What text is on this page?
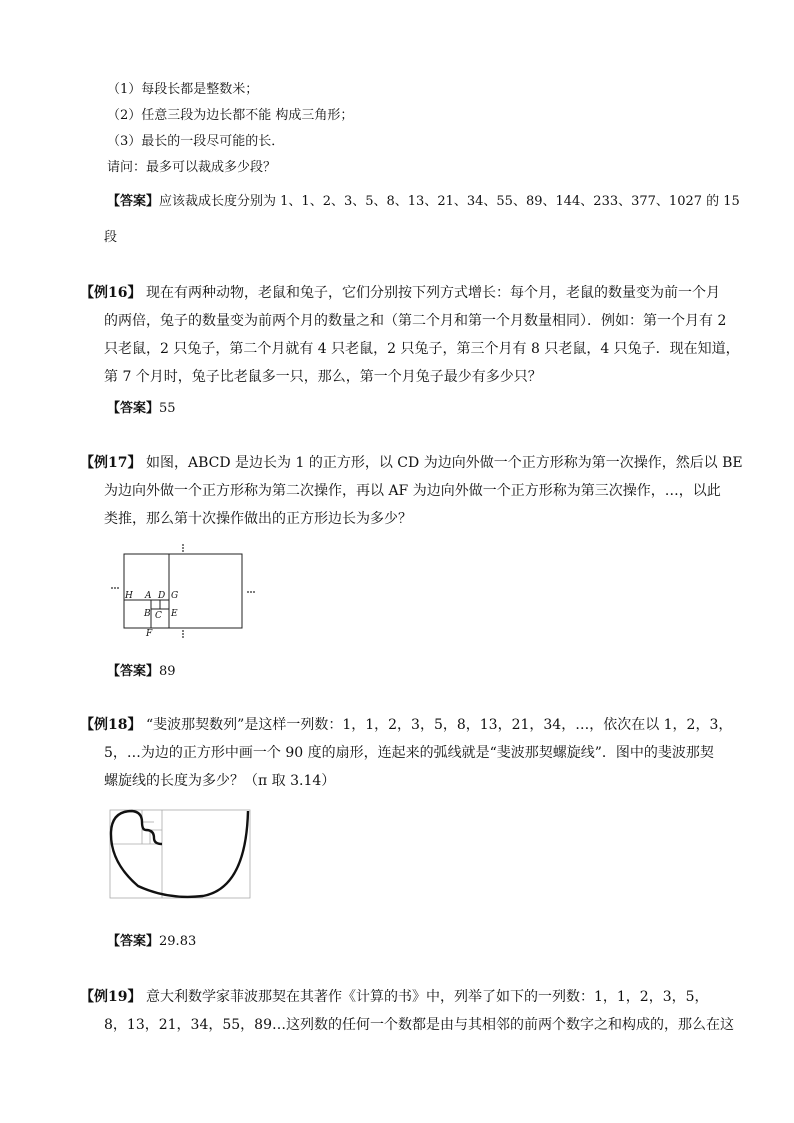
（1）每段长都是整数米；
（2）任意三段为边长都不能 构成三角形；
（3）最长的一段尽可能的长．
请问：最多可以裁成多少段？
【答案】应该裁成长度分别为 1、1、2、3、5、8、13、21、34、55、89、144、233、377、1027 的 15
段
【例16】 现在有两种动物，老鼠和兔子，它们分别按下列方式增长：每个月，老鼠的数量变为前一个月
的两倍，兔子的数量变为前两个月的数量之和（第二个月和第一个月数量相同）．例如：第一个月有 2
只老鼠，2 只兔子，第二个月就有 4 只老鼠，2 只兔子，第三个月有 8 只老鼠，4 只兔子．现在知道，
第 7 个月时，兔子比老鼠多一只，那么，第一个月兔子最少有多少只？
【答案】55
【例17】 如图，ABCD 是边长为 1 的正方形，以 CD 为边向外做一个正方形称为第一次操作，然后以 BE
为边向外做一个正方形称为第二次操作，再以 AF 为边向外做一个正方形称为第三次操作，…，以此
类推，那么第十次操作做出的正方形边长为多少？
H A D G
B C E
F
【答案】89
【例18】 “斐波那契数列”是这样一列数：1，1，2，3，5，8，13，21，34，…，依次在以 1，2，3，
5，…为边的正方形中画一个 90 度的扇形，连起来的弧线就是“斐波那契螺旋线”．图中的斐波那契
螺旋线的长度为多少？（π 取 3.14）
【答案】29.83
【例19】 意大利数学家菲波那契在其著作《计算的书》中，列举了如下的一列数：1，1，2，3，5，
8，13，21，34，55，89…这列数的任何一个数都是由与其相邻的前两个数字之和构成的，那么在这
